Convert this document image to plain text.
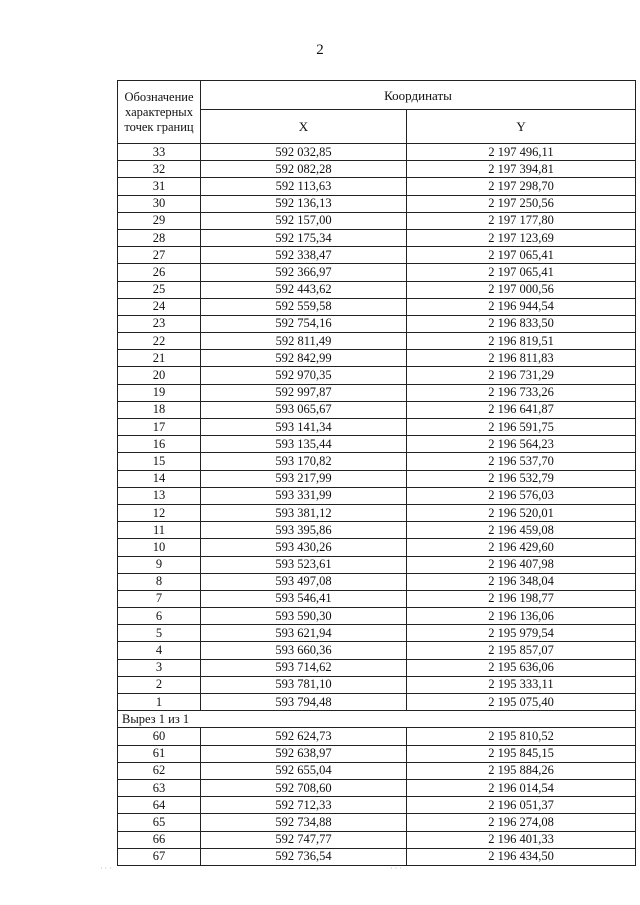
2
Обозначение характерных точек границ	Координаты	
	X	Y
33	592 032,85	2 197 496,11
32	592 082,28	2 197 394,81
31	592 113,63	2 197 298,70
30	592 136,13	2 197 250,56
29	592 157,00	2 197 177,80
28	592 175,34	2 197 123,69
27	592 338,47	2 197 065,41
26	592 366,97	2 197 065,41
25	592 443,62	2 197 000,56
24	592 559,58	2 196 944,54
23	592 754,16	2 196 833,50
22	592 811,49	2 196 819,51
21	592 842,99	2 196 811,83
20	592 970,35	2 196 731,29
19	592 997,87	2 196 733,26
18	593 065,67	2 196 641,87
17	593 141,34	2 196 591,75
16	593 135,44	2 196 564,23
15	593 170,82	2 196 537,70
14	593 217,99	2 196 532,79
13	593 331,99	2 196 576,03
12	593 381,12	2 196 520,01
11	593 395,86	2 196 459,08
10	593 430,26	2 196 429,60
9	593 523,61	2 196 407,98
8	593 497,08	2 196 348,04
7	593 546,41	2 196 198,77
6	593 590,30	2 196 136,06
5	593 621,94	2 195 979,54
4	593 660,36	2 195 857,07
3	593 714,62	2 195 636,06
2	593 781,10	2 195 333,11
1	593 794,48	2 195 075,40
Вырез 1 из 1		
60	592 624,73	2 195 810,52
61	592 638,97	2 195 845,15
62	592 655,04	2 195 884,26
63	592 708,60	2 196 014,54
64	592 712,33	2 196 051,37
65	592 734,88	2 196 274,08
66	592 747,77	2 196 401,33
67	592 736,54	2 196 434,50
· · ·	· · ·
